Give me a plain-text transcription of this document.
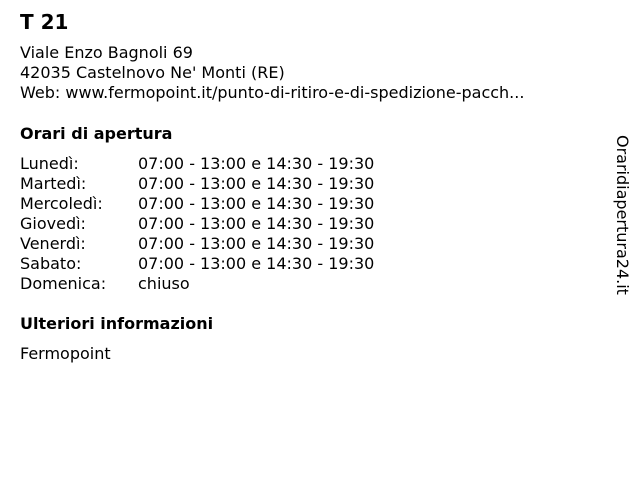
T 21
Viale Enzo Bagnoli 69
42035 Castelnovo Ne' Monti (RE)
Web: www.fermopoint.it/punto-di-ritiro-e-di-spedizione-pacch...
Orari di apertura
Lunedì:	07:00 - 13:00 e 14:30 - 19:30
Martedì:	07:00 - 13:00 e 14:30 - 19:30
Mercoledì:	07:00 - 13:00 e 14:30 - 19:30
Giovedì:	07:00 - 13:00 e 14:30 - 19:30
Venerdì:	07:00 - 13:00 e 14:30 - 19:30
Sabato:	07:00 - 13:00 e 14:30 - 19:30
Domenica:	chiuso
Ulteriori informazioni
Fermopoint
Oraridiapertura24.it
